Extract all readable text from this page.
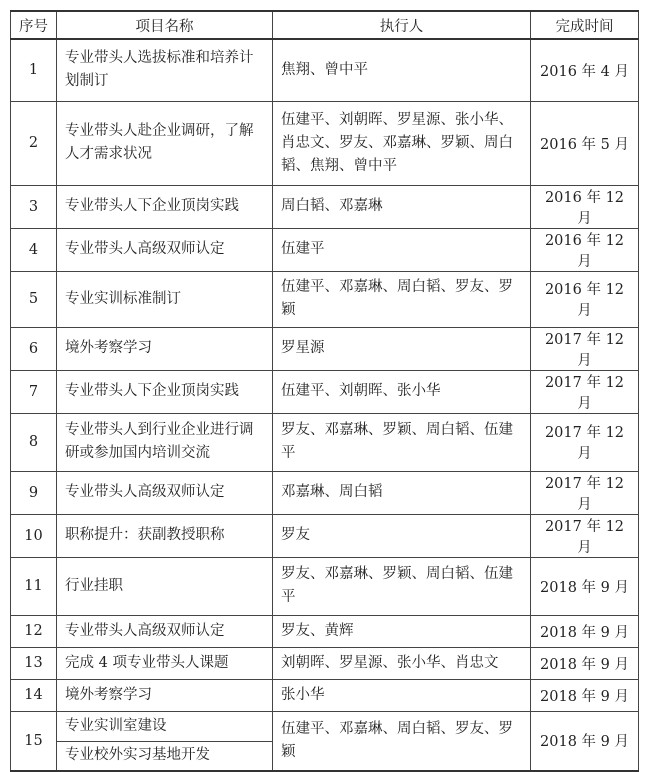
序号	项目名称	执行人	完成时间
1	专业带头人选拔标准和培养计划制订	焦翔、曾中平	2016 年 4 月
2	专业带头人赴企业调研，了解人才需求状况	伍建平、刘朝晖、罗星源、张小华、肖忠文、罗友、邓嘉琳、罗颖、周白韬、焦翔、曾中平	2016 年 5 月
3	专业带头人下企业顶岗实践	周白韬、邓嘉琳	2016 年 12 月
4	专业带头人高级双师认定	伍建平	2016 年 12 月
5	专业实训标准制订	伍建平、邓嘉琳、周白韬、罗友、罗颖	2016 年 12 月
6	境外考察学习	罗星源	2017 年 12 月
7	专业带头人下企业顶岗实践	伍建平、刘朝晖、张小华	2017 年 12 月
8	专业带头人到行业企业进行调研或参加国内培训交流	罗友、邓嘉琳、罗颖、周白韬、伍建平	2017 年 12 月
9	专业带头人高级双师认定	邓嘉琳、周白韬	2017 年 12 月
10	职称提升：获副教授职称	罗友	2017 年 12 月
11	行业挂职	罗友、邓嘉琳、罗颖、周白韬、伍建平	2018 年 9 月
12	专业带头人高级双师认定	罗友、黄辉	2018 年 9 月
13	完成 4 项专业带头人课题	刘朝晖、罗星源、张小华、肖忠文	2018 年 9 月
14	境外考察学习	张小华	2018 年 9 月
15	专业实训室建设	伍建平、邓嘉琳、周白韬、罗友、罗颖	2018 年 9 月
	专业校外实习基地开发		
